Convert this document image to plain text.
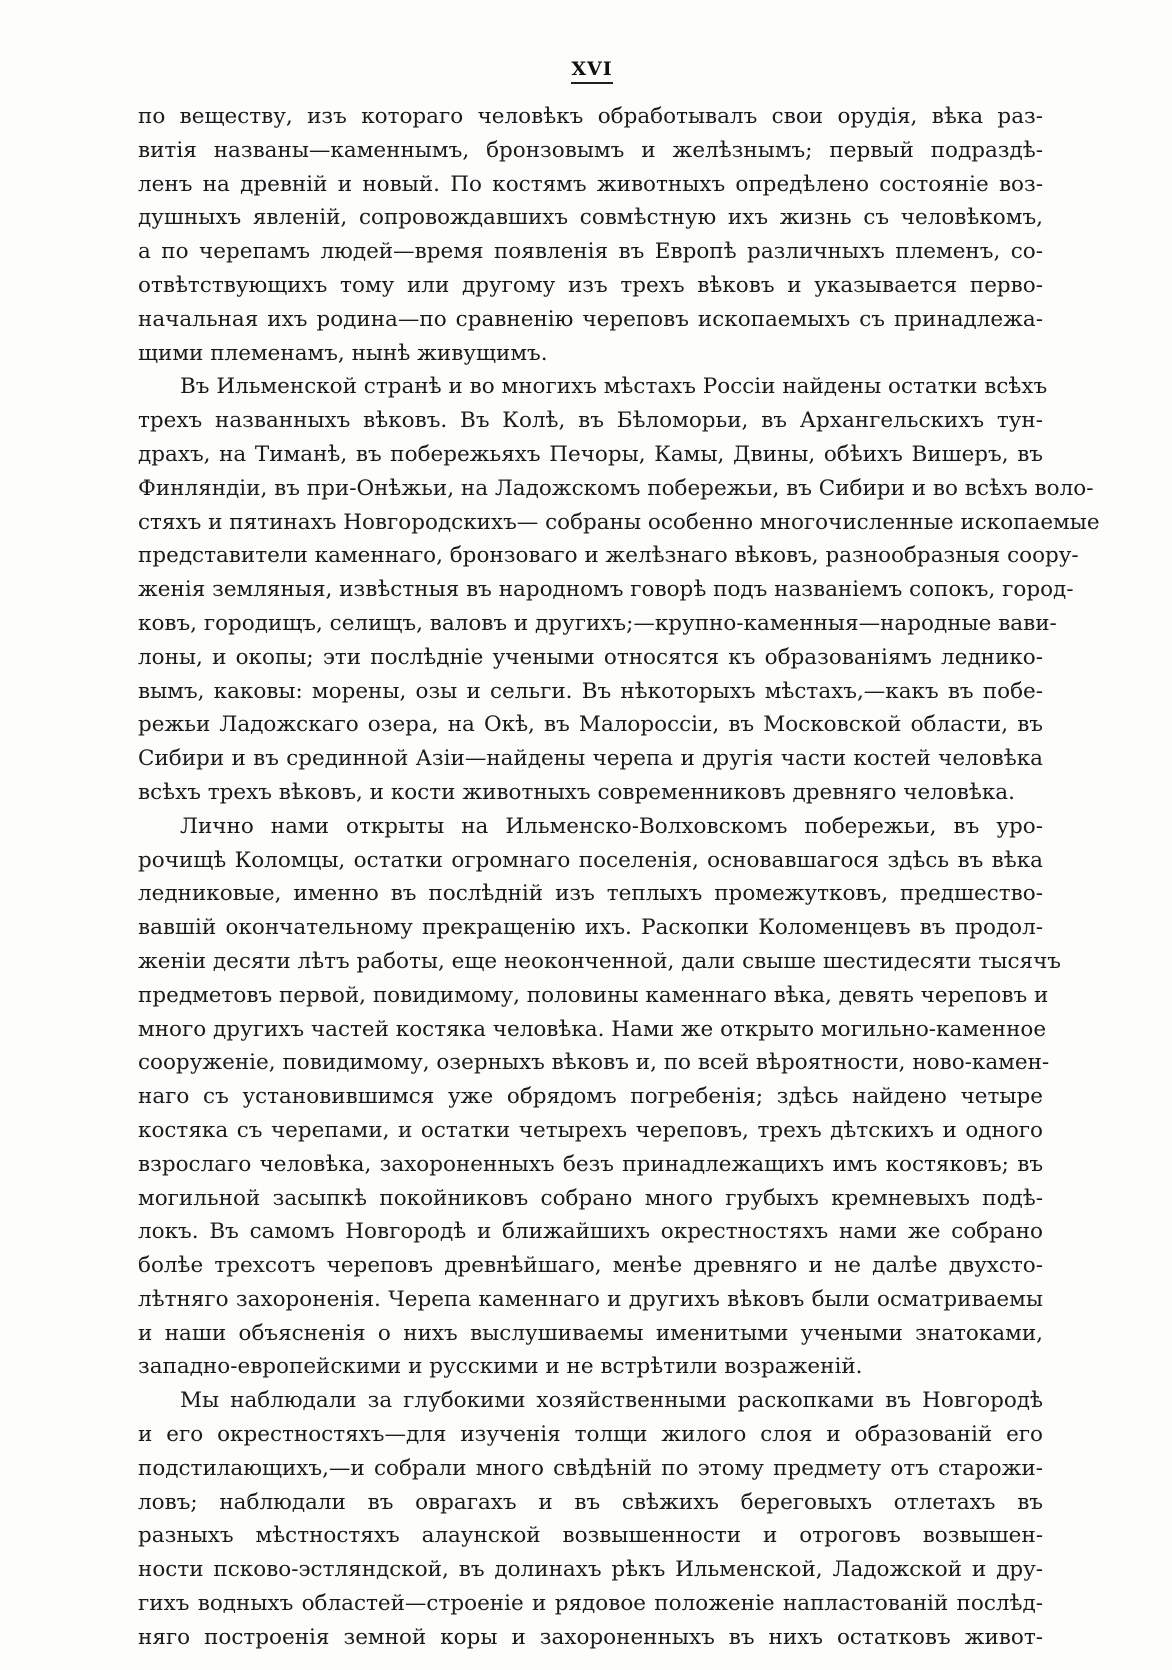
XVI
по веществу, изъ котораго человѣкъ обработывалъ свои орудія, вѣка раз-
витія названы—каменнымъ, бронзовымъ и желѣзнымъ; первый подраздѣ-
ленъ на древній и новый. По костямъ животныхъ опредѣлено состояніе воз-
душныхъ явленій, сопровождавшихъ совмѣстную ихъ жизнь съ человѣкомъ,
а по черепамъ людей—время появленія въ Европѣ различныхъ племенъ, со-
отвѣтствующихъ тому или другому изъ трехъ вѣковъ и указывается перво-
начальная ихъ родина—по сравненію череповъ ископаемыхъ съ принадлежа-
щими племенамъ, нынѣ живущимъ.
Въ Ильменской странѣ и во многихъ мѣстахъ Россіи найдены остатки всѣхъ
трехъ названныхъ вѣковъ. Въ Колѣ, въ Бѣломорьи, въ Архангельскихъ тун-
драхъ, на Тиманѣ, въ побережьяхъ Печоры, Камы, Двины, обѣихъ Вишеръ, въ
Финляндіи, въ при-Онѣжьи, на Ладожскомъ побережьи, въ Сибири и во всѣхъ воло-
стяхъ и пятинахъ Новгородскихъ— собраны особенно многочисленные ископаемые
представители каменнаго, бронзоваго и желѣзнаго вѣковъ, разнообразныя соору-
женія земляныя, извѣстныя въ народномъ говорѣ подъ названіемъ сопокъ, город-
ковъ, городищъ, селищъ, валовъ и другихъ;—крупно-каменныя—народные вави-
лоны, и окопы; эти послѣдніе учеными относятся къ образованіямъ леднико-
вымъ, каковы: морены, озы и сельги. Въ нѣкоторыхъ мѣстахъ,—какъ въ побе-
режьи Ладожскаго озера, на Окѣ, въ Малороссіи, въ Московской области, въ
Сибири и въ срединной Азіи—найдены черепа и другія части костей человѣка
всѣхъ трехъ вѣковъ, и кости животныхъ современниковъ древняго человѣка.
Лично нами открыты на Ильменско-Волховскомъ побережьи, въ уро-
рочищѣ Коломцы, остатки огромнаго поселенія, основавшагося здѣсь въ вѣка
ледниковые, именно въ послѣдній изъ теплыхъ промежутковъ, предшество-
вавшій окончательному прекращенію ихъ. Раскопки Коломенцевъ въ продол-
женіи десяти лѣтъ работы, еще неоконченной, дали свыше шестидесяти тысячъ
предметовъ первой, повидимому, половины каменнаго вѣка, девять череповъ и
много другихъ частей костяка человѣка. Нами же открыто могильно-каменное
сооруженіе, повидимому, озерныхъ вѣковъ и, по всей вѣроятности, ново-камен-
наго съ установившимся уже обрядомъ погребенія; здѣсь найдено четыре
костяка съ черепами, и остатки четырехъ череповъ, трехъ дѣтскихъ и одного
взрослаго человѣка, захороненныхъ безъ принадлежащихъ имъ костяковъ; въ
могильной засыпкѣ покойниковъ собрано много грубыхъ кремневыхъ подѣ-
локъ. Въ самомъ Новгородѣ и ближайшихъ окрестностяхъ нами же собрано
болѣе трехсотъ череповъ древнѣйшаго, менѣе древняго и не далѣе двухсто-
лѣтняго захороненія. Черепа каменнаго и другихъ вѣковъ были осматриваемы
и наши объясненія о нихъ выслушиваемы именитыми учеными знатоками,
западно-европейскими и русскими и не встрѣтили возраженій.
Мы наблюдали за глубокими хозяйственными раскопками въ Новгородѣ
и его окрестностяхъ—для изученія толщи жилого слоя и образованій его
подстилающихъ,—и собрали много свѣдѣній по этому предмету отъ старожи-
ловъ; наблюдали въ оврагахъ и въ свѣжихъ береговыхъ отлетахъ въ
разныхъ мѣстностяхъ алаунской возвышенности и отроговъ возвышен-
ности псково-эстляндской, въ долинахъ рѣкъ Ильменской, Ладожской и дру-
гихъ водныхъ областей—строеніе и рядовое положеніе напластованій послѣд-
няго построенія земной коры и захороненныхъ въ нихъ остатковъ живот-
